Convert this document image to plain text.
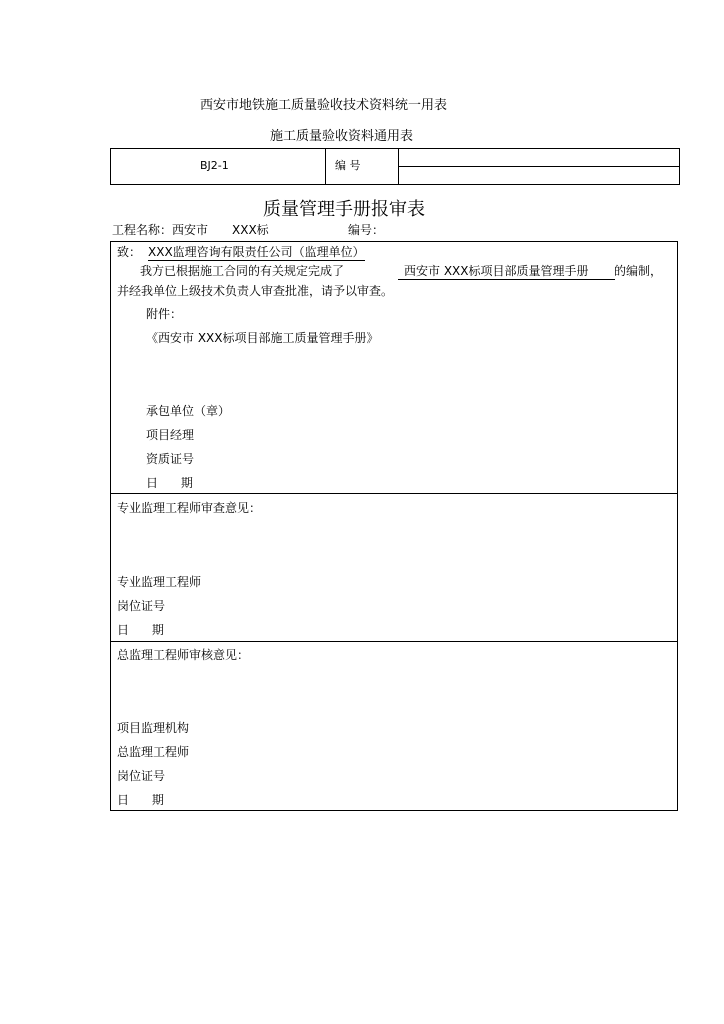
西安市地铁施工质量验收技术资料统一用表
施工质量验收资料通用表
BJ2-1	编 号
质量管理手册报审表
工程名称：西安市 XXX标	编号：
致： XXX监理咨询有限责任公司（监理单位）
我方已根据施工合同的有关规定完成了	西安市 XXX标项目部质量管理手册	的编制，
并经我单位上级技术负责人审查批准，请予以审查。
附件：
《西安市 XXX标项目部施工质量管理手册》
承包单位（章）
项目经理
资质证号
日      期
专业监理工程师审查意见：
专业监理工程师
岗位证号
日      期
总监理工程师审核意见：
项目监理机构
总监理工程师
岗位证号
日      期
